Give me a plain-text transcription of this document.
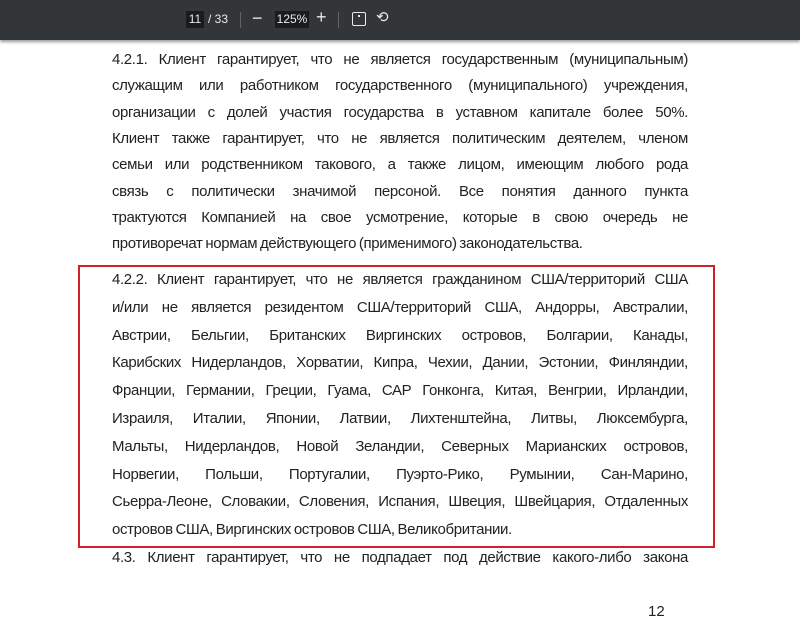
11 / 33 − 125% +	⟲
4.2.1. Клиент гарантирует, что не является государственным (муниципальным)
служащим или работником государственного (муниципального) учреждения,
организации с долей участия государства в уставном капитале более 50%.
Клиент также гарантирует, что не является политическим деятелем, членом
семьи или родственником такового, а также лицом, имеющим любого рода
связь с политически значимой персоной. Все понятия данного пункта
трактуются Компанией на свое усмотрение, которые в свою очередь не
противоречат нормам действующего (применимого) законодательства.
4.2.2. Клиент гарантирует, что не является гражданином США/территорий США
и/или не является резидентом США/территорий США, Андорры, Австралии,
Австрии, Бельгии, Британских Виргинских островов, Болгарии, Канады,
Карибских Нидерландов, Хорватии, Кипра, Чехии, Дании, Эстонии, Финляндии,
Франции, Германии, Греции, Гуама, САР Гонконга, Китая, Венгрии, Ирландии,
Израиля, Италии, Японии, Латвии, Лихтенштейна, Литвы, Люксембурга,
Мальты, Нидерландов, Новой Зеландии, Северных Марианских островов,
Норвегии, Польши, Португалии, Пуэрто-Рико, Румынии, Сан-Марино,
Сьерра-Леоне, Словакии, Словения, Испания, Швеция, Швейцария, Отдаленных
островов США, Виргинских островов США, Великобритании.
4.3. Клиент гарантирует, что не подпадает под действие какого-либо закона
12
